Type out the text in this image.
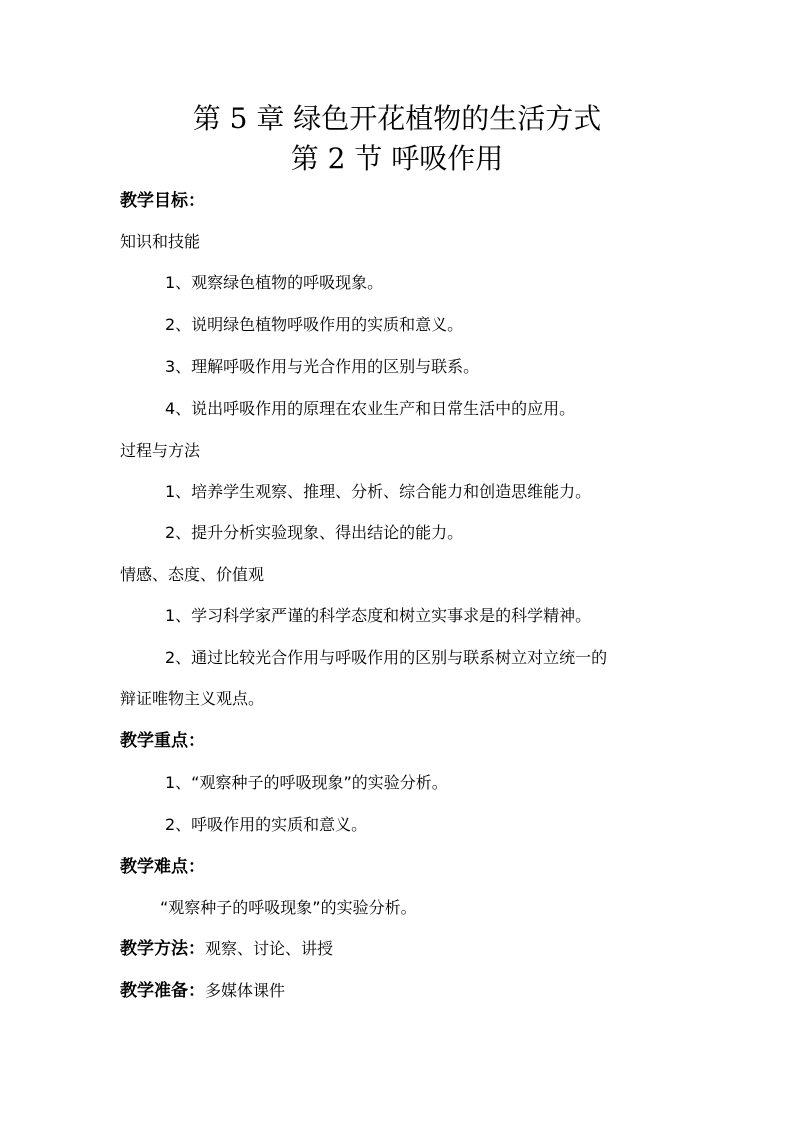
第 5 章 绿色开花植物的生活方式
第 2 节 呼吸作用
教学目标：
知识和技能
1、观察绿色植物的呼吸现象。
2、说明绿色植物呼吸作用的实质和意义。
3、理解呼吸作用与光合作用的区别与联系。
4、说出呼吸作用的原理在农业生产和日常生活中的应用。
过程与方法
1、培养学生观察、推理、分析、综合能力和创造思维能力。
2、提升分析实验现象、得出结论的能力。
情感、态度、价值观
1、学习科学家严谨的科学态度和树立实事求是的科学精神。
2、通过比较光合作用与呼吸作用的区别与联系树立对立统一的
辩证唯物主义观点。
教学重点：
1、“观察种子的呼吸现象”的实验分析。
2、呼吸作用的实质和意义。
教学难点：
“观察种子的呼吸现象”的实验分析。
教学方法：观察、讨论、讲授
教学准备：多媒体课件
